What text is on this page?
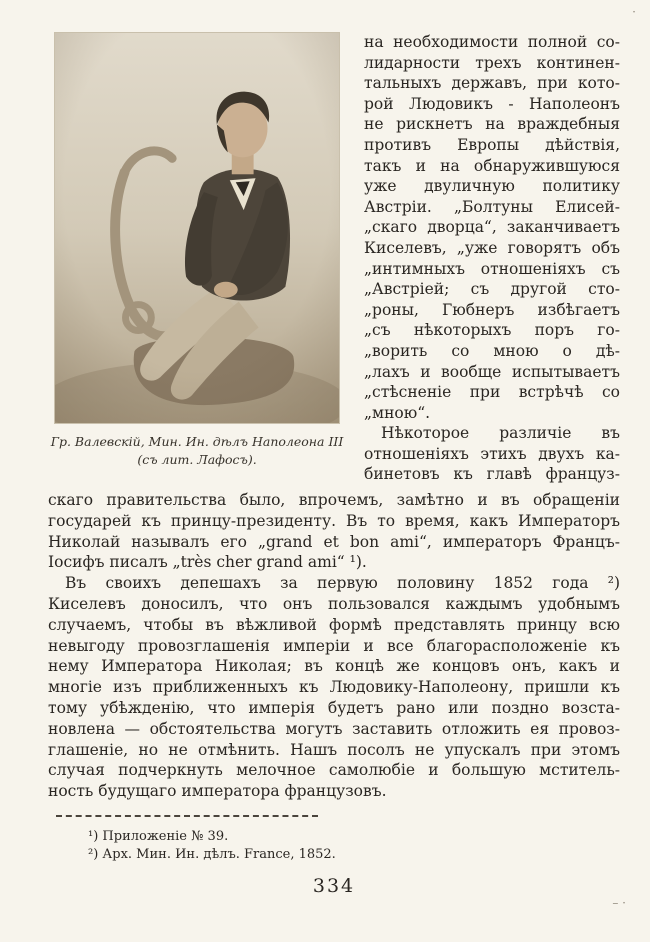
·
Гр. Валевскій, Мин. Ин. дѣлъ Наполеона III
(съ лит. Лафосъ).
на необходимости полной со-
лидарности трехъ континен-
тальныхъ державъ, при кото-
рой Людовикъ - Наполеонъ
не рискнетъ на враждебныя
противъ Европы дѣйствія,
такъ и на обнаружившуюся
уже двуличную политику
Австріи. „Болтуны Елисей-
„скаго дворца“, заканчиваетъ
Киселевъ, „уже говорятъ объ
„интимныхъ отношеніяхъ съ
„Австріей; съ другой сто-
„роны, Гюбнеръ избѣгаетъ
„съ нѣкоторыхъ поръ го-
„ворить со мною о дѣ-
„лахъ и вообще испытываетъ
„стѣсненіе при встрѣчѣ со
„мною“.
Нѣкоторое различіе въ
отношеніяхъ этихъ двухъ ка-
бинетовъ къ главѣ француз-
скаго правительства было, впрочемъ, замѣтно и въ обращеніи
государей къ принцу-президенту. Въ то время, какъ Императоръ
Николай называлъ его „grand et bon ami“, императоръ Францъ-
Іосифъ писалъ „très cher grand ami“ ¹).
Въ своихъ депешахъ за первую половину 1852 года ²)
Киселевъ доносилъ, что онъ пользовался каждымъ удобнымъ
случаемъ, чтобы въ вѣжливой формѣ представлять принцу всю
невыгоду провозглашенія имперіи и все благорасположеніе къ
нему Императора Николая; въ концѣ же концовъ онъ, какъ и
многіе изъ приближенныхъ къ Людовику-Наполеону, пришли къ
тому убѣжденію, что имперія будетъ рано или поздно возста-
новлена — обстоятельства могутъ заставить отложить ея провоз-
глашеніе, но не отмѣнить. Нашъ посолъ не упускалъ при этомъ
случая подчеркнуть мелочное самолюбіе и большую мститель-
ность будущаго императора французовъ.
¹) Приложеніе № 39.
²) Арх. Мин. Ин. дѣлъ. France, 1852.
334
– ·
